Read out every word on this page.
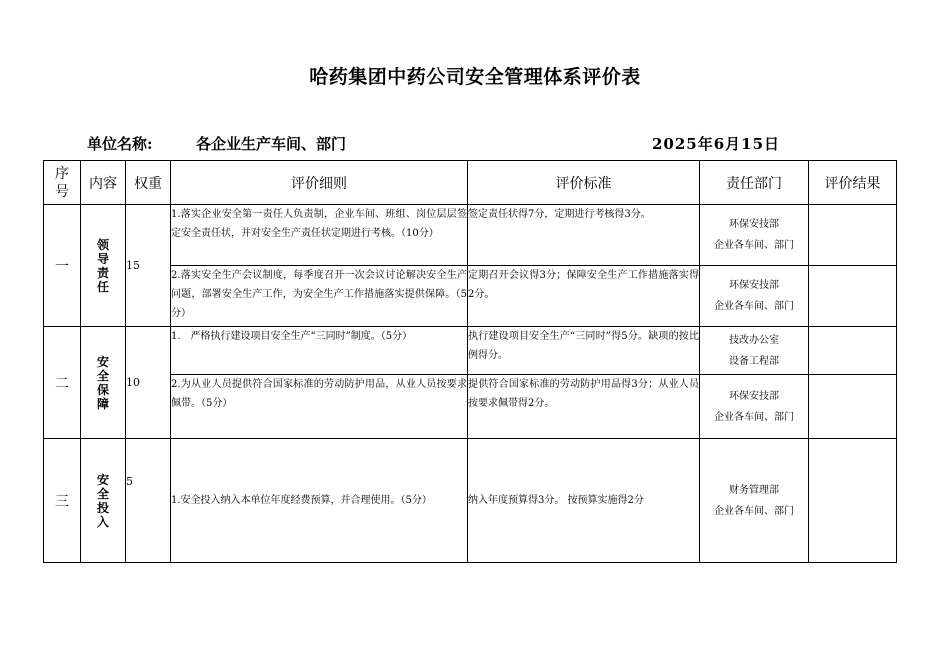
哈药集团中药公司安全管理体系评价表
单位名称:	各企业生产车间、部门	2025年6月15日
序
号	内容	权重	评价细则	评价标准	责任部门	评价结果
一	领导责任	15	1.落实企业安全第一责任人负责制，企业车间、班组、岗位层层签定安全责任状，并对安全生产责任状定期进行考核。（10分）	签定责任状得7分，定期进行考核得3分。	环保安技部
企业各车间、部门	

			2.落实安全生产会议制度，每季度召开一次会议讨论解决安全生产问题，部署安全生产工作，为安全生产工作措施落实提供保障。（5分）	定期召开会议得3分；保障安全生产工作措施落实得2分。	环保安技部
企业各车间、部门	

二	安全保障	10	1.　严格执行建设项目安全生产“三同时”制度。（5分）	执行建设项目安全生产“三同时”得5分。缺项的按比例得分。	技改办公室
设备工程部	

			2.为从业人员提供符合国家标准的劳动防护用品，从业人员按要求佩带。（5分）	提供符合国家标准的劳动防护用品得3分；从业人员按要求佩带得2分。	环保安技部
企业各车间、部门	

三	安全投入	5	1.安全投入纳入本单位年度经费预算，并合理使用。（5分）	纳入年度预算得3分。 按预算实施得2分	财务管理部
企业各车间、部门	
